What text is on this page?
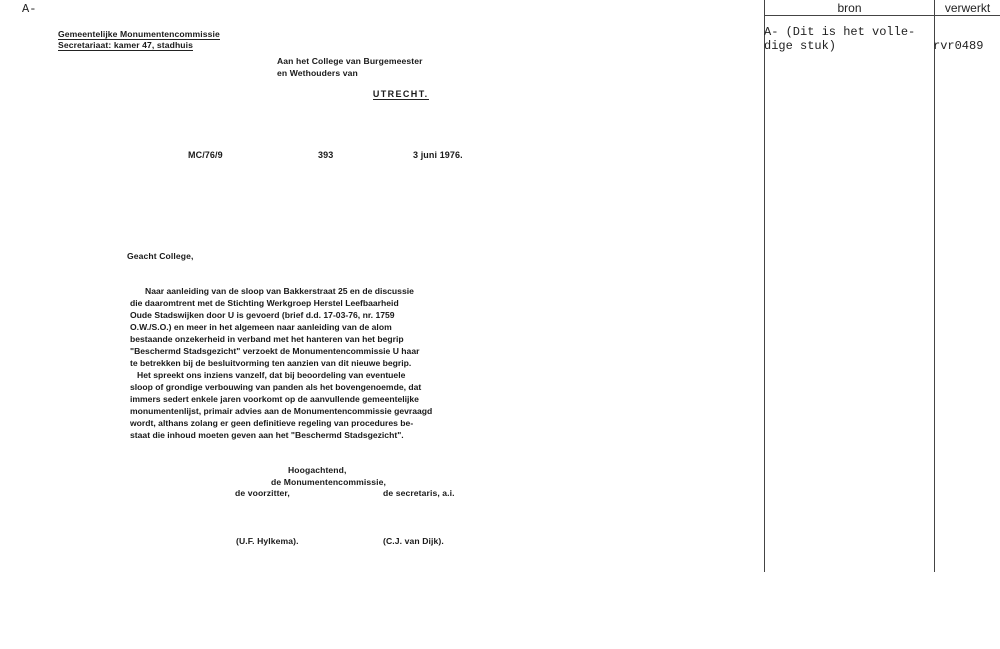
A-

Gemeentelijke Monumentencommissie

Secretariaat: kamer 47, stadhuis

Aan het College van Burgemeester
en Wethouders van

UTRECHT.

MC/76/9	393	3 juni 1976.
Geacht College,
Naar aanleiding van de sloop van Bakkerstraat 25 en de discussie
die daaromtrent met de Stichting Werkgroep Herstel Leefbaarheid
Oude Stadswijken door U is gevoerd (brief d.d. 17-03-76, nr. 1759
O.W./S.O.) en meer in het algemeen naar aanleiding van de alom
bestaande onzekerheid in verband met het hanteren van het begrip
"Beschermd Stadsgezicht" verzoekt de Monumentencommissie U haar
te betrekken bij de besluitvorming ten aanzien van dit nieuwe begrip.
Het spreekt ons inziens vanzelf, dat bij beoordeling van eventuele
sloop of grondige verbouwing van panden als het bovengenoemde, dat
immers sedert enkele jaren voorkomt op de aanvullende gemeentelijke
monumentenlijst, primair advies aan de Monumentencommissie gevraagd
wordt, althans zolang er geen definitieve regeling van procedures be-
staat die inhoud moeten geven aan het "Beschermd Stadsgezicht".
Hoogachtend,
de Monumentencommissie,
de voorzitter,	de secretaris, a.i.
(U.F. Hylkema).	(C.J. van Dijk).
bron	verwerkt
A- (Dit is het volle-
dige stuk)	rvr0489
